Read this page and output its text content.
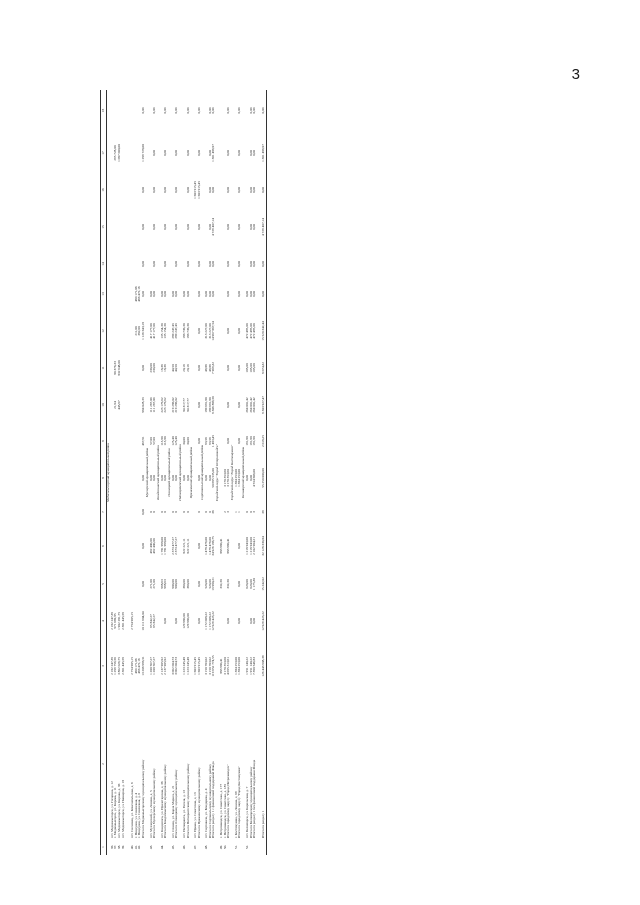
3
1	2	3	4	5	6	7	8	9	10	11	12	13	14	15	16	17	18
Медвежьегорский муниципальный район																	
36.	пгт. Медвежьегорск, ул. Гагарина, д. 12	2 182 247,39	2 182 247,39														
37.	г. Медвежьегорск, ул. Кирова, д. 11	1 299 756,56	971 669,85						21,94	80 376,33						295 728,00	
38.	пгт. Медвежьегорск, ул. Кирова, д. 36	3 862 026,75	1 902 281,75						445,97	832 648,00						1 097 000,00	
39.	пгт. Медвежьегорск, ул. Пионеров, д. 18	2 361 445,59	2 361 445,59														

40.	пгт. Сосновец, ул. Комсомольская, д. 6	2 754 905,15	2 754 905,15														
41.	г. Пиндуши, ул. Совхозная, д. 4	460 171,06									211,00	460 171,06					
42.	г. Пиндуши, ул. Совхозная, д. 6	466 472,16									382,00	466 472,16					
	Итого по Медвежьегорскому муниципальному району	13 206 996,51	10 111 604,04	0,00	0,00	0,00	0,00	467,91	994 028,33	0,00	1 126 643,18	0,00	0,00	0,00	0,00	1 299 728,00	0,00
Муезерский муниципальный район																	
43.	пгт. Муезерский, ул. Ленина, д. 5	1 200 567,27	65 842,27	271,00	492 400,00	0	0,00	57,00	111 267,00	230,00	417 177,00	0,00					
	Итого по Муезерскому муниципальному району	1 200 567,27	65 842,27	271,00	492 400,00	0	0,00	57,00	111 267,00	230,00	417 177,00	0,00	0,00	0,00	0,00	0,00	0,00
Кондопожский муниципальный район																	
44.	пгт. Кондопога, ул. Пролетарская, д. 36	2 137 905,92		998,63	1 781 998,00	0	0,00	113,80	223 176,62	18,36	135 154,30	0,00					
	Итого по Кондопожскому муниципальному району	2 137 905,92	0,00	998,63	1 781 998,00	0	0,00	113,80	223 176,62	18,36	135 154,30	0,00	0,00	0,00	0,00	0,00	0,00
Олонецкий муниципальный район																	
45.	пгт. Олонец, ул. Карла Маркса, д. 21	3 062 004,73		900,00	2 373 477,27	0	0,00	125,40	219 286,02	44,50	289 247,43	0,00					
	Итого по Олонецкому муниципальному району	3 062 004,73	0,00	900,00	2 373 477,27	0	0,00	125,40	219 286,02	44,50	289 247,43	0,00	0,00	0,00	0,00	0,00	0,00
Питкярантский муниципальный район																	
46.	пгт. Питкяранта, ул. Гоголя, д. 13	1 223 245,48	129 960,00	360,00	822 221,11	0	0,00	34,00	84 317,77	20,16	186 736,30	0,00					
	Итого по Питкярантскому муниципальному району	1 223 245,48	129 960,00	360,00	822 221,11	0	0,00	34,00	84 317,77	20,16	186 736,30	0,00	0,00	0,00	0,00	0,00	0,00
Пряжинский муниципальный район																	
47.	пгт. Пряжа, ул. Советская, д. 13	1 603 915,45													1 603 915,45		
	Итого по Пряжинскому муниципальному району	1 603 915,45	0,00	0,00	0,00	0	0,00	0,00	0,00	0,00	0,00	0,00	0,00	0,00	1 603 915,45	0,00	0,00
Сортавальский муниципальный район																	
48.	пгт. Сортавала, ул. Бондарева, д. 4	3 150 703,02	1 172 008,22	520,00	1 478 476,00	0	0,00	93,56	189 691,80	49,86	313 227,00	0,00					
	Итого по Сортавальскому муниципальному району	3 150 703,02	1 172 008,22	520,00	1 478 476,00	0	0,00	93,56	189 691,80	49,86	313 227,00	0,00	0,00	0,00	0,00	0,00	0,00
	Итого по разделу 1 с финансовой поддержкой Фонда	119 652 774,55	12 929 423,22	13 980,21	34 926 186,75	36	50 685 535,00	1 483,45	9 306 886,56	7 969,32	14 967 867,54	0,00	0,00	4 729 407,14	0,00	1 361 486,97	0,00
Городской округ "Город Петрозаводск"																	
49.	г. Петрозаводск, ул. Советская, д. 177	883 960,41		332,30	883 960,41												
50.	г. Петрозаводск, ул. Советская, д. 185	3 170 353,60				2	3 170 353,60										
	Итого по городскому округу "Город Петрозаводск"	4 055 313,61	0,00	332,30	883 960,41	3	3 170 353,60	0,00	0,00	0,00	0,00	0,00	0,00	0,00	0,00	0,00	0,00
Городской округ "Город Костомукша"																	
51.	г. Костомукша, ул. Ленина, д. 69	1 384 253,00				1	1 384 253,00										
	Итого по городскому округу "Город Костомукша"	1 384 253,00	0,00	0,00	0,00	1	1 384 253,00	0,00	0,00	0,00	0,00	0,00	0,00	0,00	0,00	0,00	0,00
Беломорский муниципальный район																	
52.	пгт. Беломорск, ул. Карельская, д. 7	1 951 140,22		620,00	1 218 943,00	0	0,00	191,80	264 001,42	105,00	472 495,00	0,00					
	Итого по Беломорскому муниципальному району	1 951 140,22	0,00	620,00	1 218 943,00	0	0,00	191,80	264 001,42	105,00	472 495,00	0,00	0,00	0,00	0,00	0,00	0,00
	Итого по разделу 1 без финансовой поддержки Фонда	7 390 546,83	0,00	1 175,30	2 102 904,21	3	4 554 606,00	191,80	264 001,42	105,00	472 495,00	0,00	0,00	0,00	0,00	0,00	0,00

	Итого по разделу 1	126 443 908,39	12 929 423,22	15 242,02	32 128 330,84	39	55 250 000,00	2 018,25	9 303 927,47	8 074,32	15 520 342,44	0,00	0,00	4 729 407,14	0,00	1 361 486,97	0,00
